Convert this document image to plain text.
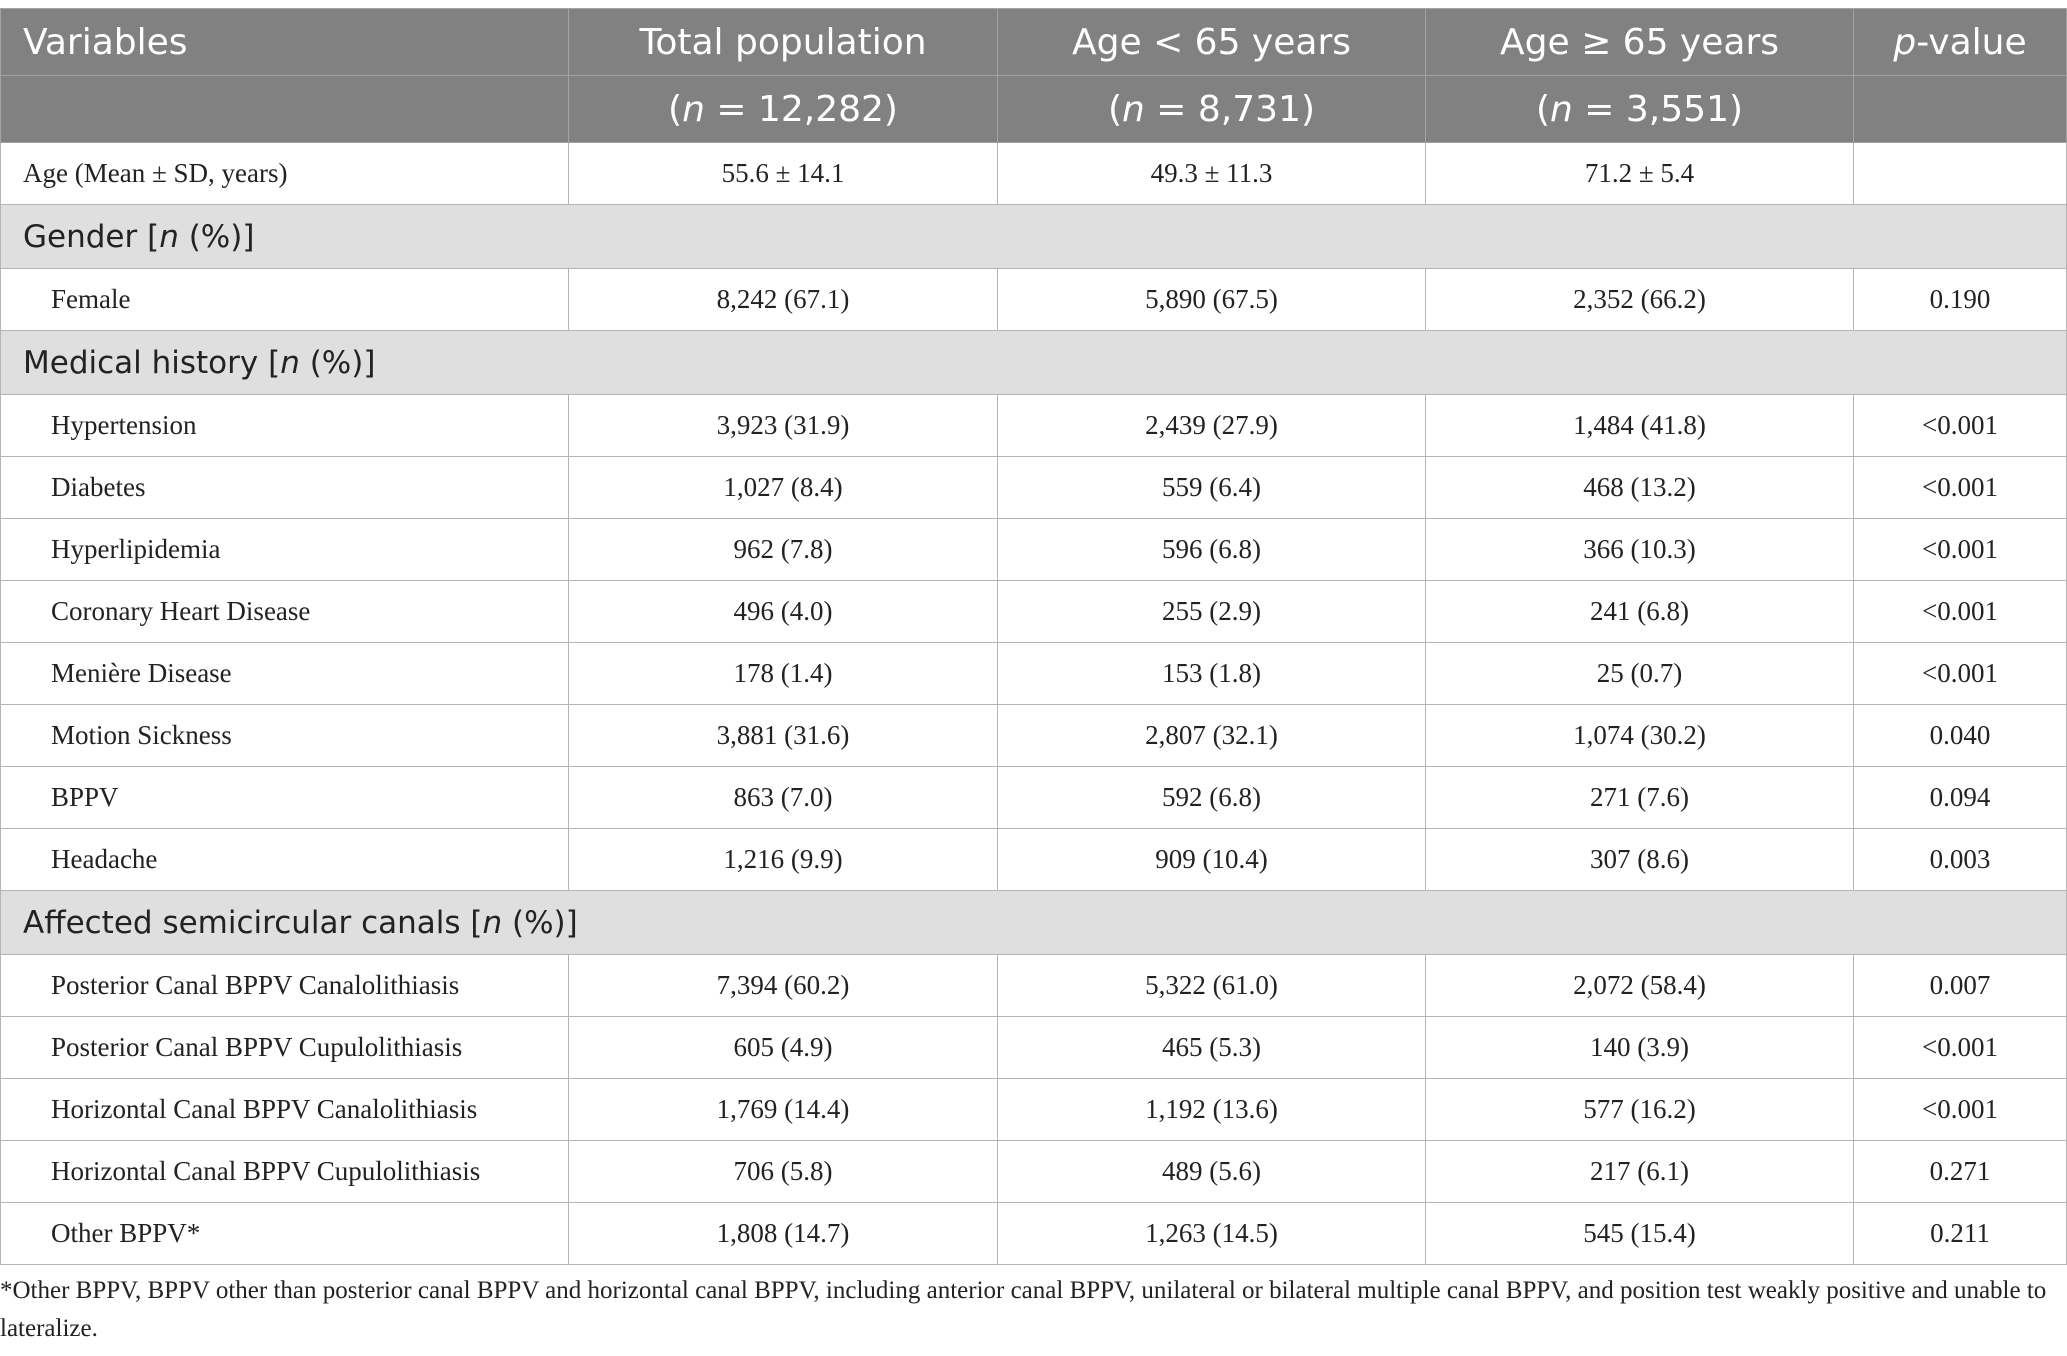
Variables	Total population	Age < 65 years	Age ≥ 65 years	p-value
	(n = 12,282)	(n = 8,731)	(n = 3,551)	
Age (Mean ± SD, years)	55.6 ± 14.1	49.3 ± 11.3	71.2 ± 5.4	
Gender [n (%)]				
Female	8,242 (67.1)	5,890 (67.5)	2,352 (66.2)	0.190
Medical history [n (%)]				
Hypertension	3,923 (31.9)	2,439 (27.9)	1,484 (41.8)	<0.001
Diabetes	1,027 (8.4)	559 (6.4)	468 (13.2)	<0.001
Hyperlipidemia	962 (7.8)	596 (6.8)	366 (10.3)	<0.001
Coronary Heart Disease	496 (4.0)	255 (2.9)	241 (6.8)	<0.001
Menière Disease	178 (1.4)	153 (1.8)	25 (0.7)	<0.001
Motion Sickness	3,881 (31.6)	2,807 (32.1)	1,074 (30.2)	0.040
BPPV	863 (7.0)	592 (6.8)	271 (7.6)	0.094
Headache	1,216 (9.9)	909 (10.4)	307 (8.6)	0.003
Affected semicircular canals [n (%)]				
Posterior Canal BPPV Canalolithiasis	7,394 (60.2)	5,322 (61.0)	2,072 (58.4)	0.007
Posterior Canal BPPV Cupulolithiasis	605 (4.9)	465 (5.3)	140 (3.9)	<0.001
Horizontal Canal BPPV Canalolithiasis	1,769 (14.4)	1,192 (13.6)	577 (16.2)	<0.001
Horizontal Canal BPPV Cupulolithiasis	706 (5.8)	489 (5.6)	217 (6.1)	0.271
Other BPPV*	1,808 (14.7)	1,263 (14.5)	545 (15.4)	0.211
*Other BPPV, BPPV other than posterior canal BPPV and horizontal canal BPPV, including anterior canal BPPV, unilateral or bilateral multiple canal BPPV, and position test weakly positive and unable to lateralize.
